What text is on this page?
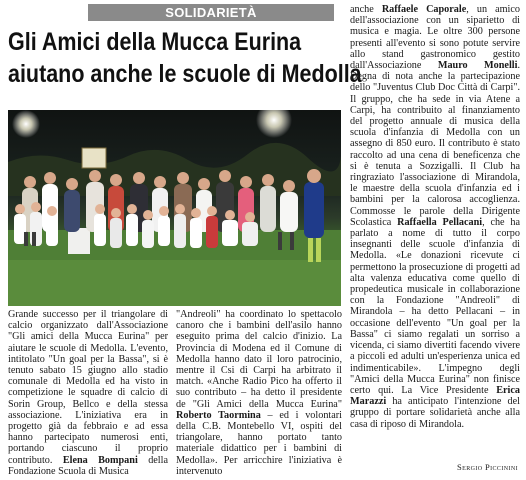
SOLIDARIETÀ
Gli Amici della Mucca Eurina
aiutano anche le scuole di Medolla

Grande successo per il triangolare di calcio organizzato dall'Associazione "Gli amici della Mucca Eurina" per aiutare le scuole di Medolla. L'evento, intitolato "Un goal per la Bassa", si è tenuto sabato 15 giugno allo stadio comunale di Medolla ed ha visto in competizione le squadre di calcio di Sorin Group, Bellco e della stessa associazione. L'iniziativa era in progetto già da febbraio e ad essa hanno partecipato numerosi enti, portando ciascuno il proprio contributo. Elena Bompani della Fondazione Scuola di Musica

"Andreoli" ha coordinato lo spettacolo canoro che i bambini dell'asilo hanno eseguito prima del calcio d'inizio. La Provincia di Modena ed il Comune di Medolla hanno dato il loro patrocinio, mentre il Csi di Carpi ha arbitrato il match. «Anche Radio Pico ha offerto il suo contributo – ha detto il presidente de "Gli Amici della Mucca Eurina" Roberto Taormina – ed i volontari della C.B. Montebello VI, ospiti del triangolare, hanno portato tanto materiale didattico per i bambini di Medolla». Per arricchire l'iniziativa è intervenuto

anche Raffaele Caporale, un amico dell'associazione con un siparietto di musica e magia. Le oltre 300 persone presenti all'evento si sono potute servire allo stand gastronomico gestito dall'Associazione Mauro Monelli. Degna di nota anche la partecipazione dello "Juventus Club Doc Città di Carpi". Il gruppo, che ha sede in via Atene a Carpi, ha contribuito al finanziamento del progetto annuale di musica della scuola d'infanzia di Medolla con un assegno di 850 euro. Il contributo è stato raccolto ad una cena di beneficenza che si è tenuta a Sozzigalli. Il Club ha ringraziato l'associazione di Mirandola, le maestre della scuola d'infanzia ed i bambini per la calorosa accoglienza. Commosse le parole della Dirigente Scolastica Raffaella Pellacani, che ha parlato a nome di tutto il corpo insegnanti delle scuole d'infanzia di Medolla. «Le donazioni ricevute ci permettono la prosecuzione di progetti ad alta valenza educativa come quello di propedeutica musicale in collaborazione con la Fondazione "Andreoli" di Mirandola – ha detto Pellacani – in occasione dell'evento "Un goal per la Bassa" ci siamo regalati un sorriso a vicenda, ci siamo divertiti facendo vivere a piccoli ed adulti un'esperienza unica ed indimenticabile». L'impegno degli "Amici della Mucca Eurina" non finisce certo qui. La Vice Presidente Erica Marazzi ha anticipato l'intenzione del gruppo di portare solidarietà anche alla casa di riposo di Mirandola.

Sergio Piccinini
